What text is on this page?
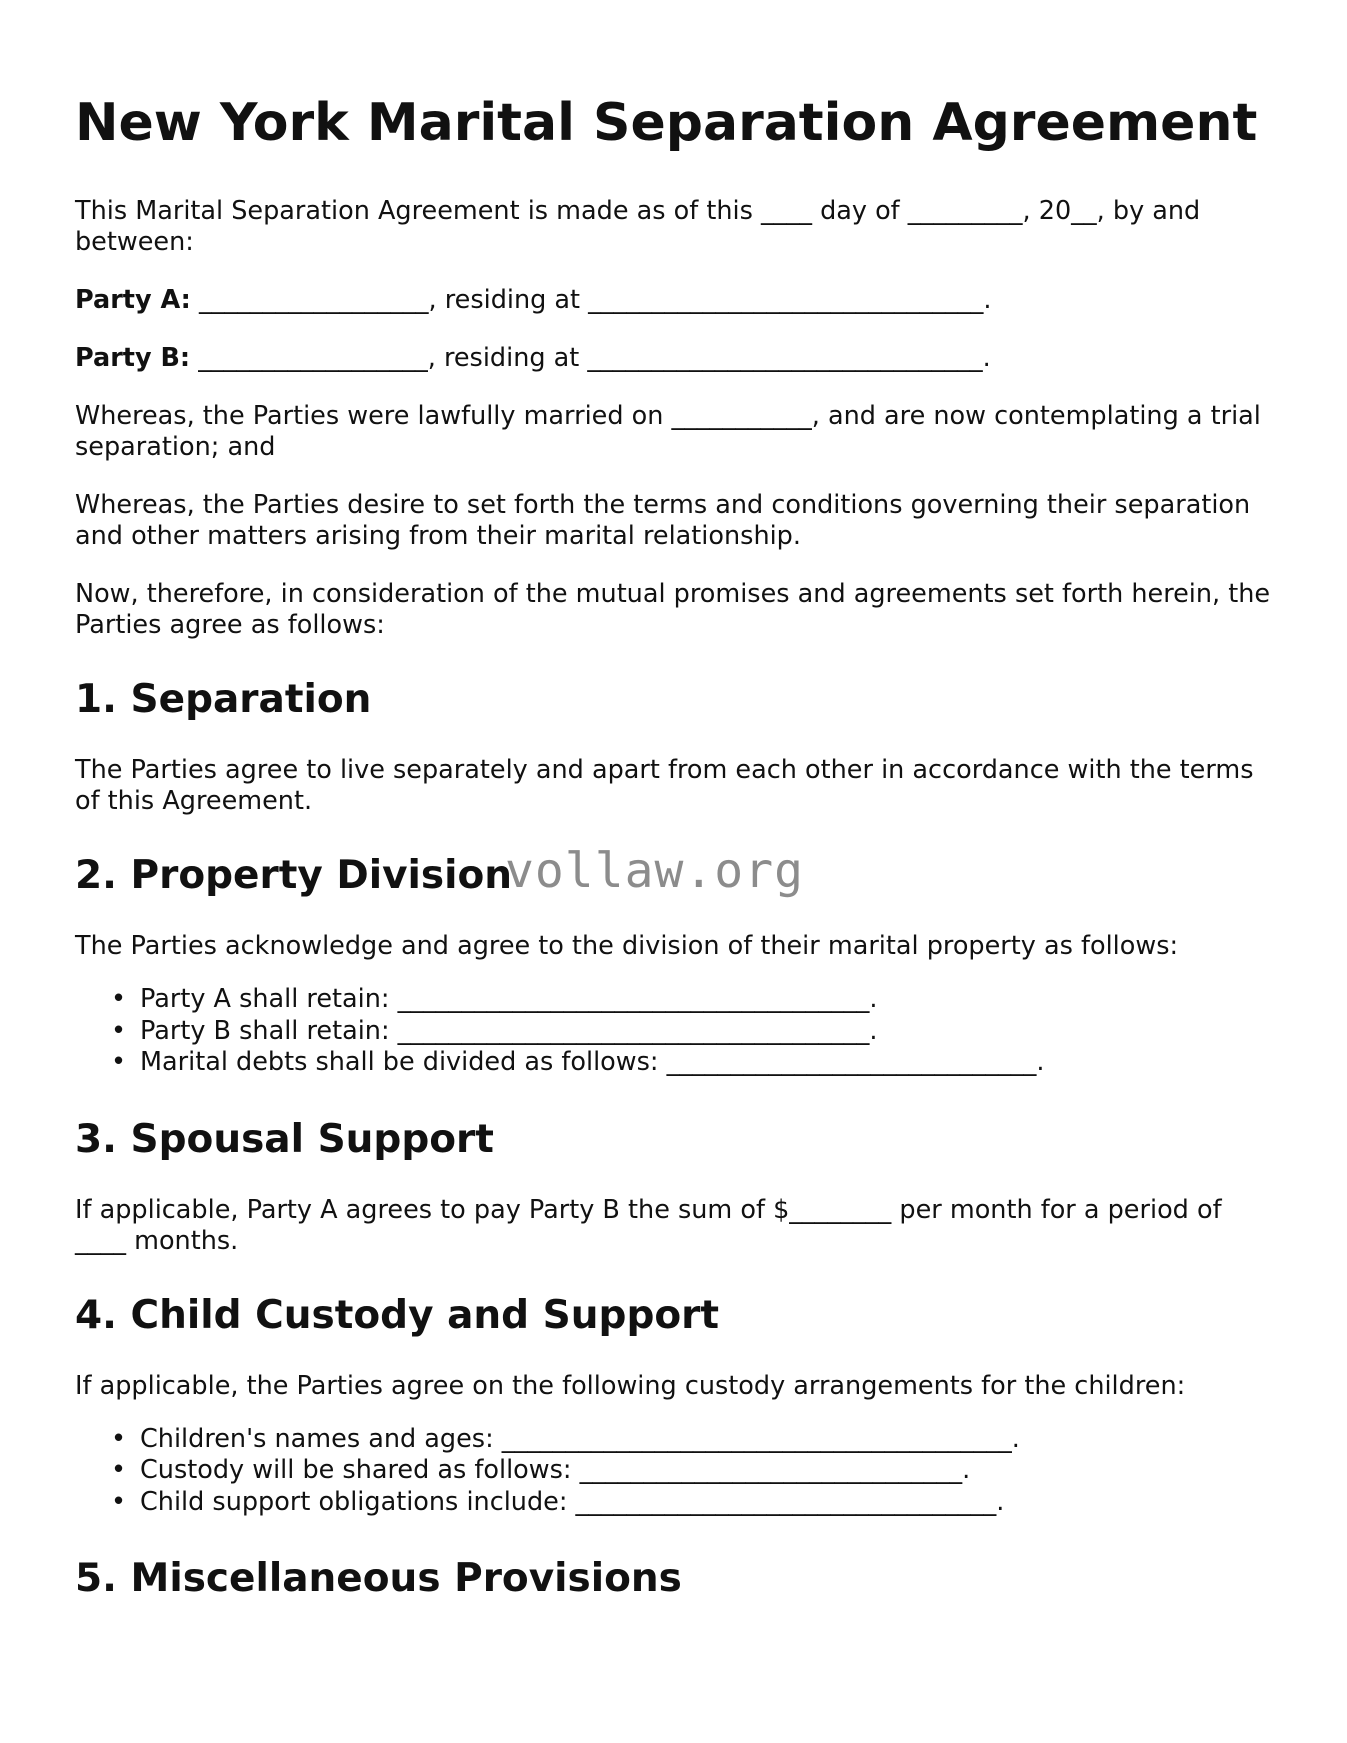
New York Marital Separation Agreement

This Marital Separation Agreement is made as of this ____ day of _________, 20__, by and between:

Party A: __________________, residing at _______________________________.

Party B: __________________, residing at _______________________________.

Whereas, the Parties were lawfully married on ___________, and are now contemplating a trial separation; and

Whereas, the Parties desire to set forth the terms and conditions governing their separation and other matters arising from their marital relationship.

Now, therefore, in consideration of the mutual promises and agreements set forth herein, the Parties agree as follows:

1. Separation

The Parties agree to live separately and apart from each other in accordance with the terms of this Agreement.

2. Property Division

The Parties acknowledge and agree to the division of their marital property as follows:

• Party A shall retain: _____________________________________.
• Party B shall retain: _____________________________________.
• Marital debts shall be divided as follows: _____________________________.
3. Spousal Support

If applicable, Party A agrees to pay Party B the sum of $________ per month for a period of ____ months.

4. Child Custody and Support

If applicable, the Parties agree on the following custody arrangements for the children:

• Children's names and ages: ________________________________________.
• Custody will be shared as follows: ______________________________.
• Child support obligations include: _________________________________.
5. Miscellaneous Provisions
vollaw.org
